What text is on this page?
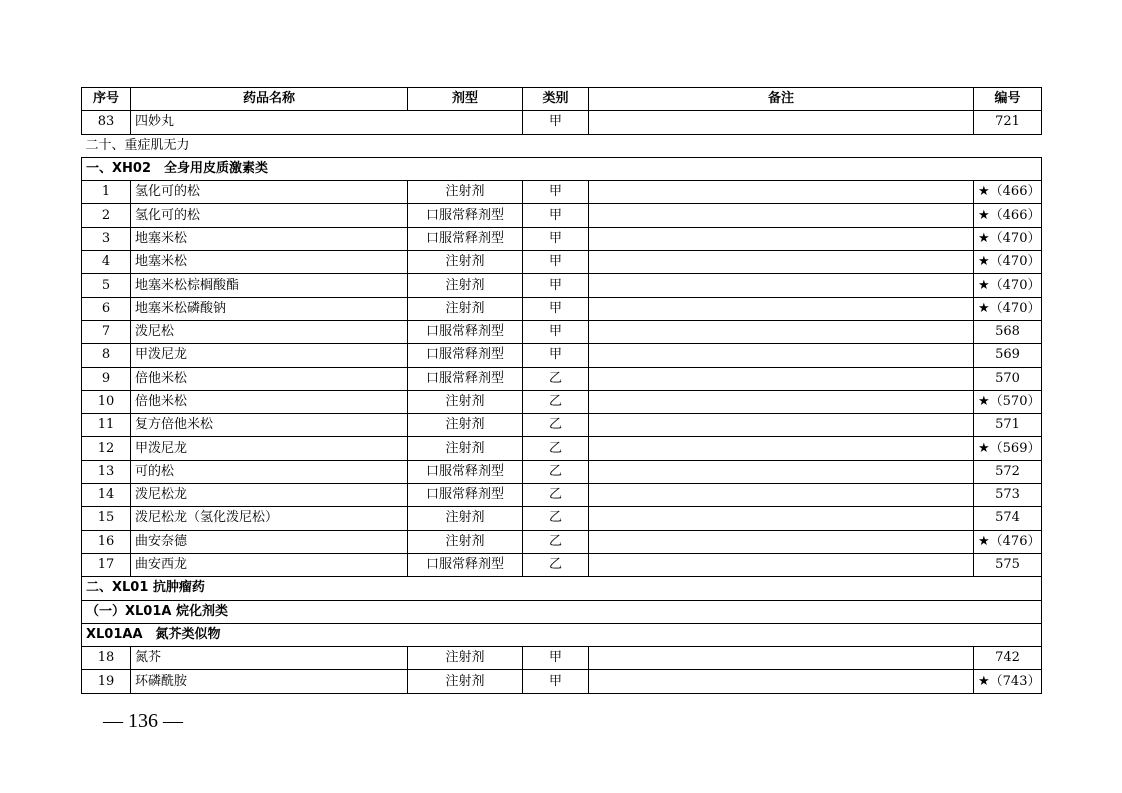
序号	药品名称	剂型	类别	备注	编号
83	四妙丸		甲		721
二十、重症肌无力					
一、XH02　全身用皮质激素类					
1	氢化可的松	注射剂	甲		★（466）
2	氢化可的松	口服常释剂型	甲		★（466）
3	地塞米松	口服常释剂型	甲		★（470）
4	地塞米松	注射剂	甲		★（470）
5	地塞米松棕榈酸酯	注射剂	甲		★（470）
6	地塞米松磷酸钠	注射剂	甲		★（470）
7	泼尼松	口服常释剂型	甲		568
8	甲泼尼龙	口服常释剂型	甲		569
9	倍他米松	口服常释剂型	乙		570
10	倍他米松	注射剂	乙		★（570）
11	复方倍他米松	注射剂	乙		571
12	甲泼尼龙	注射剂	乙		★（569）
13	可的松	口服常释剂型	乙		572
14	泼尼松龙	口服常释剂型	乙		573
15	泼尼松龙（氢化泼尼松）	注射剂	乙		574
16	曲安奈德	注射剂	乙		★（476）
17	曲安西龙	口服常释剂型	乙		575
二、XL01 抗肿瘤药					
（一）XL01A 烷化剂类					
XL01AA　氮芥类似物					
18	氮芥	注射剂	甲		742
19	环磷酰胺	注射剂	甲		★（743）
— 136 —
